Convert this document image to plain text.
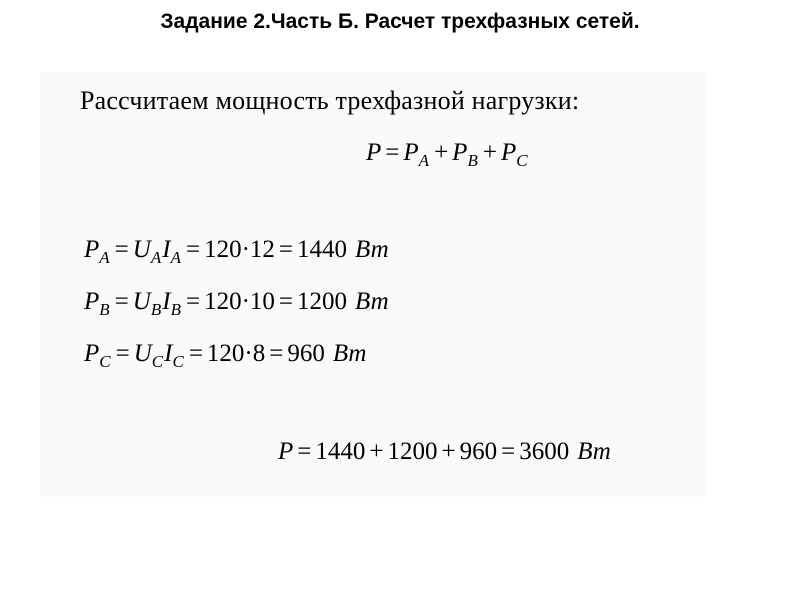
Задание 2.Часть Б. Расчет трехфазных сетей.
Рассчитаем мощность трехфазной нагрузки:
$P = P_A + P_B + P_C$
$P_A = U_AI_A = 120\cdot 12 = 1440$ Вт
$P_B = U_BI_B = 120\cdot 10 = 1200$ Вт
$P_C = U_CI_C = 120\cdot 8 = 960$ Вт
P = 1440 + 1200 + 960 = 3600 Вт
